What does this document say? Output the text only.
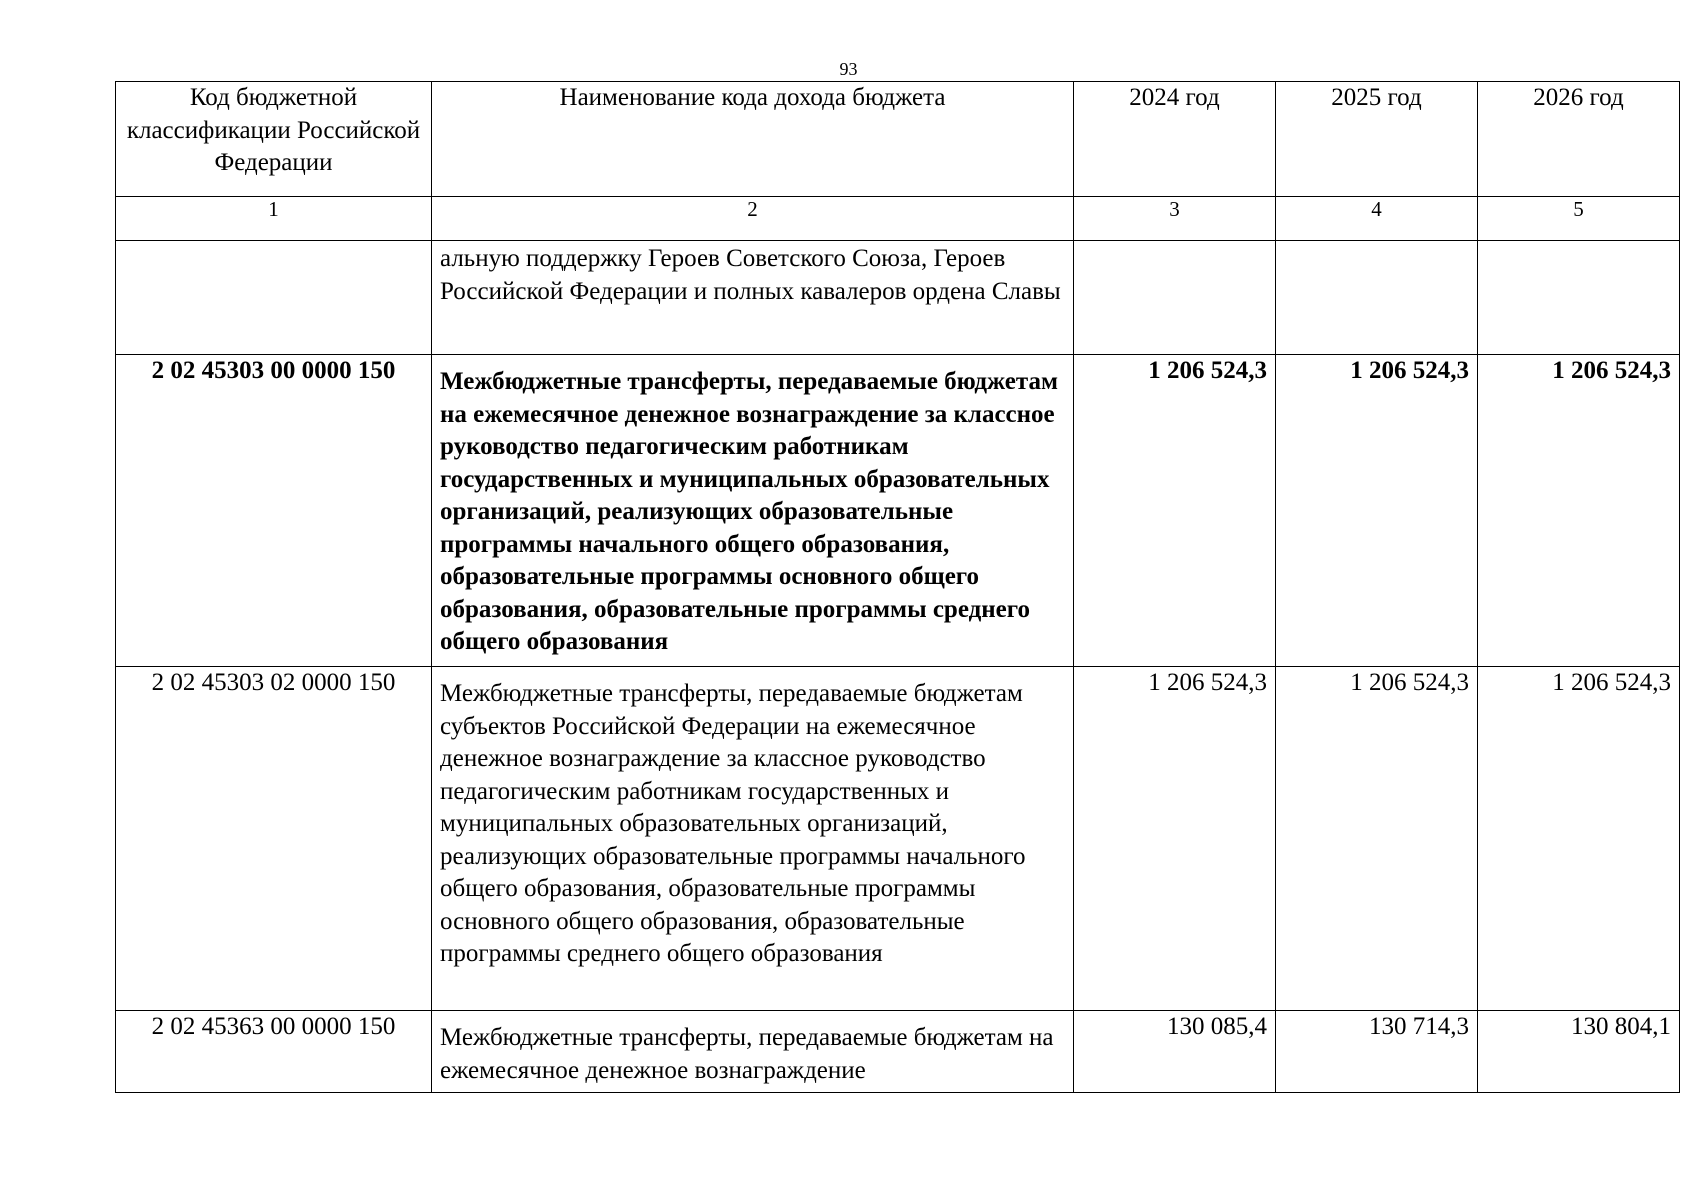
93
Код бюджетной классификации Российской Федерации	Наименование кода дохода бюджета	2024 год	2025 год	2026 год
1	2	3	4	5
	альную поддержку Героев Советского Союза, Героев Российской Федерации и полных кавалеров ордена Славы			
2 02 45303 00 0000 150	Межбюджетные трансферты, передаваемые бюджетам на ежемесячное денежное вознаграждение за классное руководство педагогическим работникам государственных и муниципальных образовательных организаций, реализующих образовательные программы начального общего образования, образовательные программы основного общего образования, образовательные программы среднего общего образования	1 206 524,3	1 206 524,3	1 206 524,3
2 02 45303 02 0000 150	Межбюджетные трансферты, передаваемые бюджетам субъектов Российской Федерации на ежемесячное денежное вознаграждение за классное руководство педагогическим работникам государственных и муниципальных образовательных организаций, реализующих образовательные программы начального общего образования, образовательные программы основного общего образования, образовательные программы среднего общего образования	1 206 524,3	1 206 524,3	1 206 524,3
2 02 45363 00 0000 150	Межбюджетные трансферты, передаваемые бюджетам на ежемесячное денежное вознаграждение	130 085,4	130 714,3	130 804,1
